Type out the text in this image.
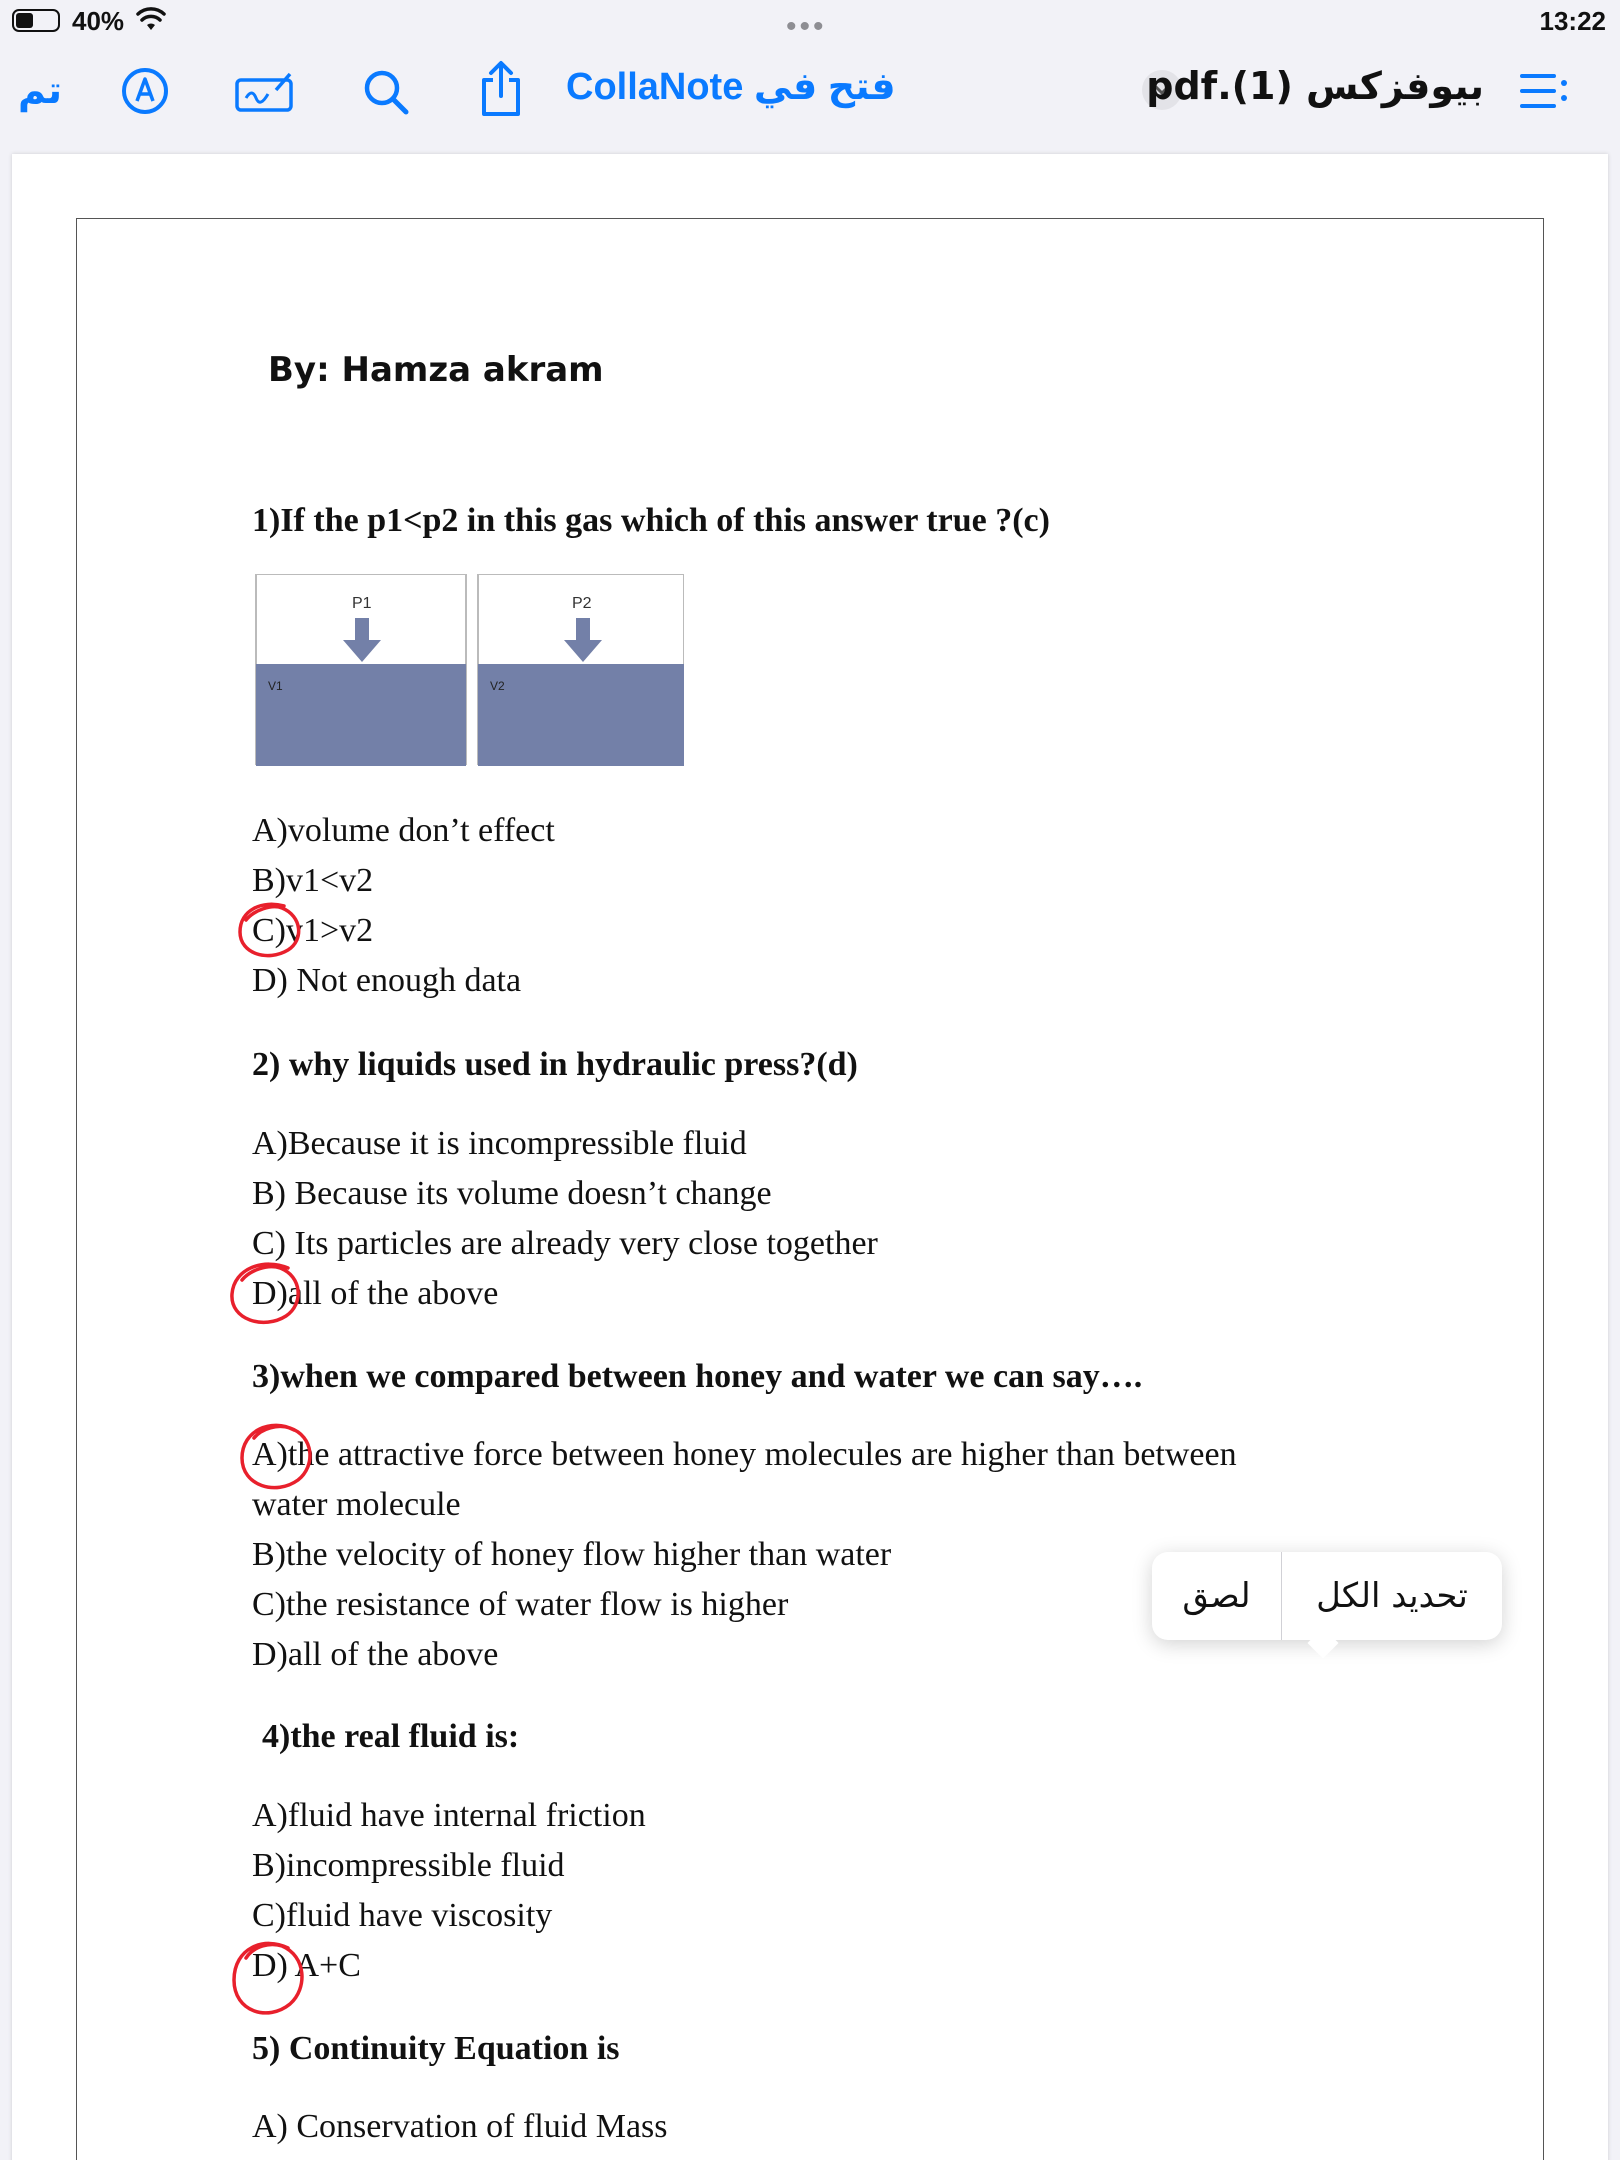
40%	•••	13:22
تم	فتح في CollaNote	بيوفزكس (1).pdf
By: Hamza akram
1)If the p1<p2 in this gas which of this answer true ?(c)
P1	P2
V1	V2
A)volume don’t effect
B)v1<v2
C)v1>v2
D) Not enough data
2) why liquids used in hydraulic press?(d)
A)Because it is incompressible fluid
B) Because its volume doesn’t change
C) Its particles are already very close together
D)all of the above
3)when we compared between honey and water we can say….
A)the attractive force between honey molecules are higher than between
water molecule
B)the velocity of honey flow higher than water
C)the resistance of water flow is higher
D)all of the above
4)the real fluid is:
A)fluid have internal friction
B)incompressible fluid
C)fluid have viscosity
D) A+C
5) Continuity Equation is
A) Conservation of fluid Mass
لصق	تحديد الكل
